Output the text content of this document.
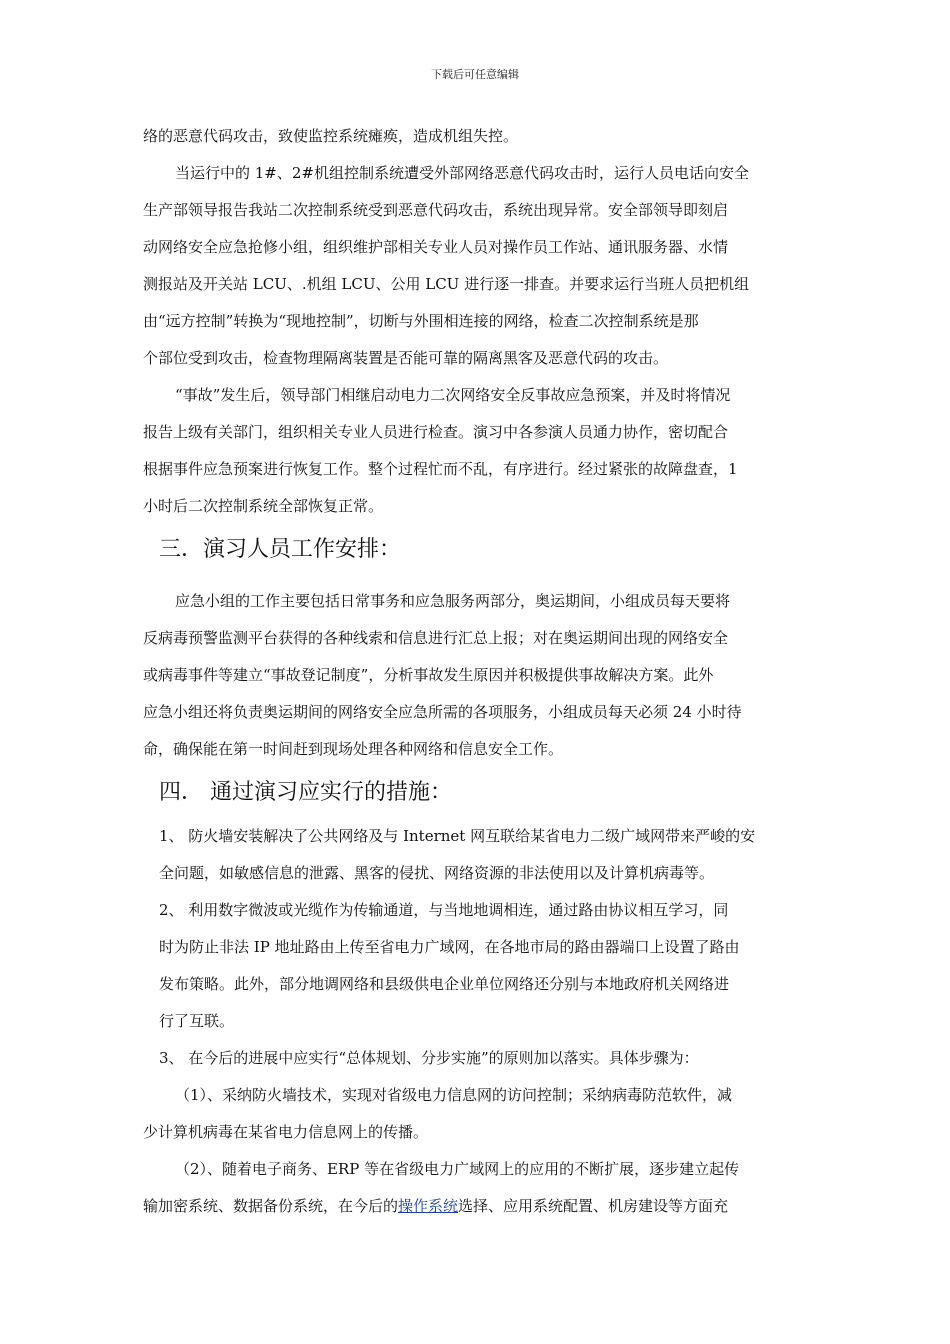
下载后可任意编辑
络的恶意代码攻击，致使监控系统瘫痪，造成机组失控。
当运行中的 1#、2#机组控制系统遭受外部网络恶意代码攻击时，运行人员电话向安全
生产部领导报告我站二次控制系统受到恶意代码攻击，系统出现异常。安全部领导即刻启
动网络安全应急抢修小组，组织维护部相关专业人员对操作员工作站、通讯服务器、水情
测报站及开关站 LCU、.机组 LCU、公用 LCU 进行逐一排查。并要求运行当班人员把机组
由“远方控制”转换为“现地控制”，切断与外围相连接的网络，检查二次控制系统是那
个部位受到攻击，检查物理隔离装置是否能可靠的隔离黑客及恶意代码的攻击。
“事故”发生后，领导部门相继启动电力二次网络安全反事故应急预案，并及时将情况
报告上级有关部门，组织相关专业人员进行检查。演习中各参演人员通力协作，密切配合
根据事件应急预案进行恢复工作。整个过程忙而不乱，有序进行。经过紧张的故障盘查，1
小时后二次控制系统全部恢复正常。
三．演习人员工作安排：
应急小组的工作主要包括日常事务和应急服务两部分，奥运期间，小组成员每天要将
反病毒预警监测平台获得的各种线索和信息进行汇总上报；对在奥运期间出现的网络安全
或病毒事件等建立“事故登记制度”，分析事故发生原因并积极提供事故解决方案。此外
应急小组还将负责奥运期间的网络安全应急所需的各项服务，小组成员每天必须 24 小时待
命，确保能在第一时间赶到现场处理各种网络和信息安全工作。
四． 通过演习应实行的措施：
1、 防火墙安装解决了公共网络及与 Internet 网互联给某省电力二级广域网带来严峻的安
全问题，如敏感信息的泄露、黑客的侵扰、网络资源的非法使用以及计算机病毒等。
2、 利用数字微波或光缆作为传输通道，与当地地调相连，通过路由协议相互学习，同
时为防止非法 IP 地址路由上传至省电力广域网，在各地市局的路由器端口上设置了路由
发布策略。此外，部分地调网络和县级供电企业单位网络还分别与本地政府机关网络进
行了互联。
3、 在今后的进展中应实行“总体规划、分步实施”的原则加以落实。具体步骤为：
（1）、采纳防火墙技术，实现对省级电力信息网的访问控制；采纳病毒防范软件，减
少计算机病毒在某省电力信息网上的传播。
（2）、随着电子商务、ERP 等在省级电力广域网上的应用的不断扩展，逐步建立起传
输加密系统、数据备份系统，在今后的操作系统选择、应用系统配置、机房建设等方面充
